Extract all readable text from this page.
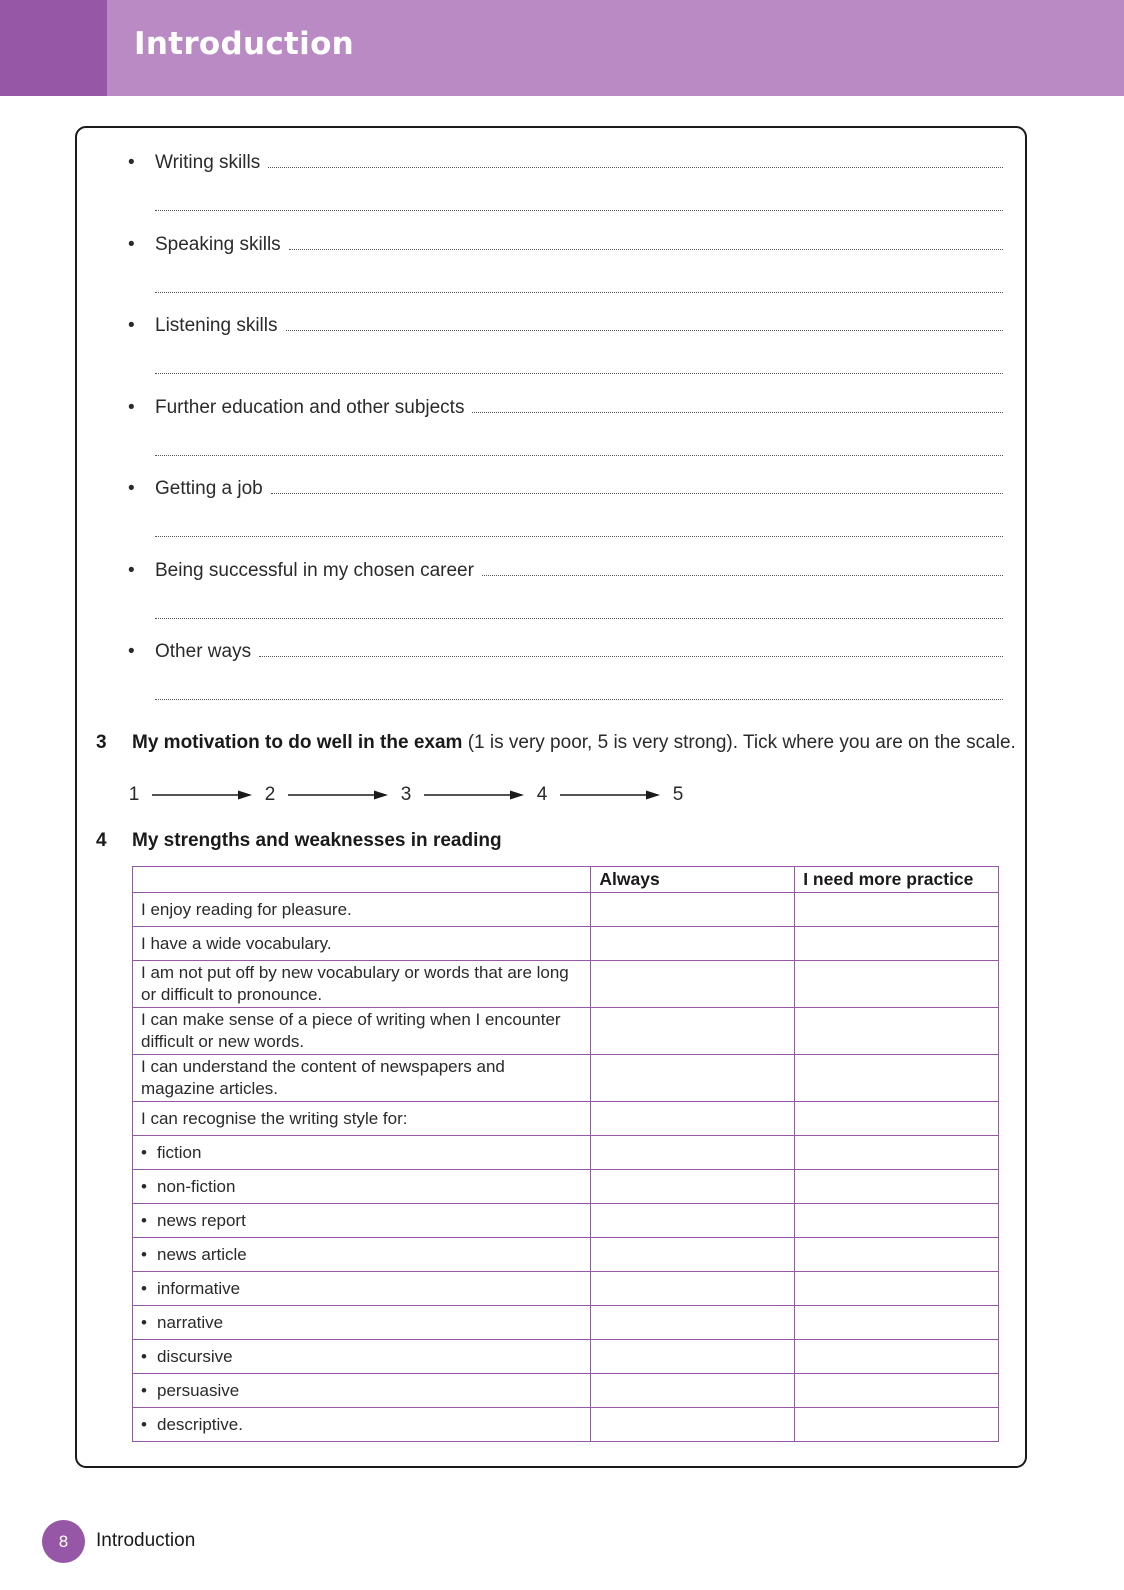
Introduction
•	Writing skills
•	Speaking skills
•	Listening skills
•	Further education and other subjects
•	Getting a job
•	Being successful in my chosen career
•	Other ways
3 My motivation to do well in the exam (1 is very poor, 5 is very strong). Tick where you are on the scale.
1	2	3	4	5
4 My strengths and weaknesses in reading
	Always	I need more practice
I enjoy reading for pleasure.		
I have a wide vocabulary.		
I am not put off by new vocabulary or words that are long or difficult to pronounce.		
I can make sense of a piece of writing when I encounter difficult or new words.		
I can understand the content of newspapers and magazine articles.		
I can recognise the writing style for:		
• fiction		
• non-fiction		
• news report		
• news article		
• informative		
• narrative		
• discursive		
• persuasive		
• descriptive.		
8	Introduction
